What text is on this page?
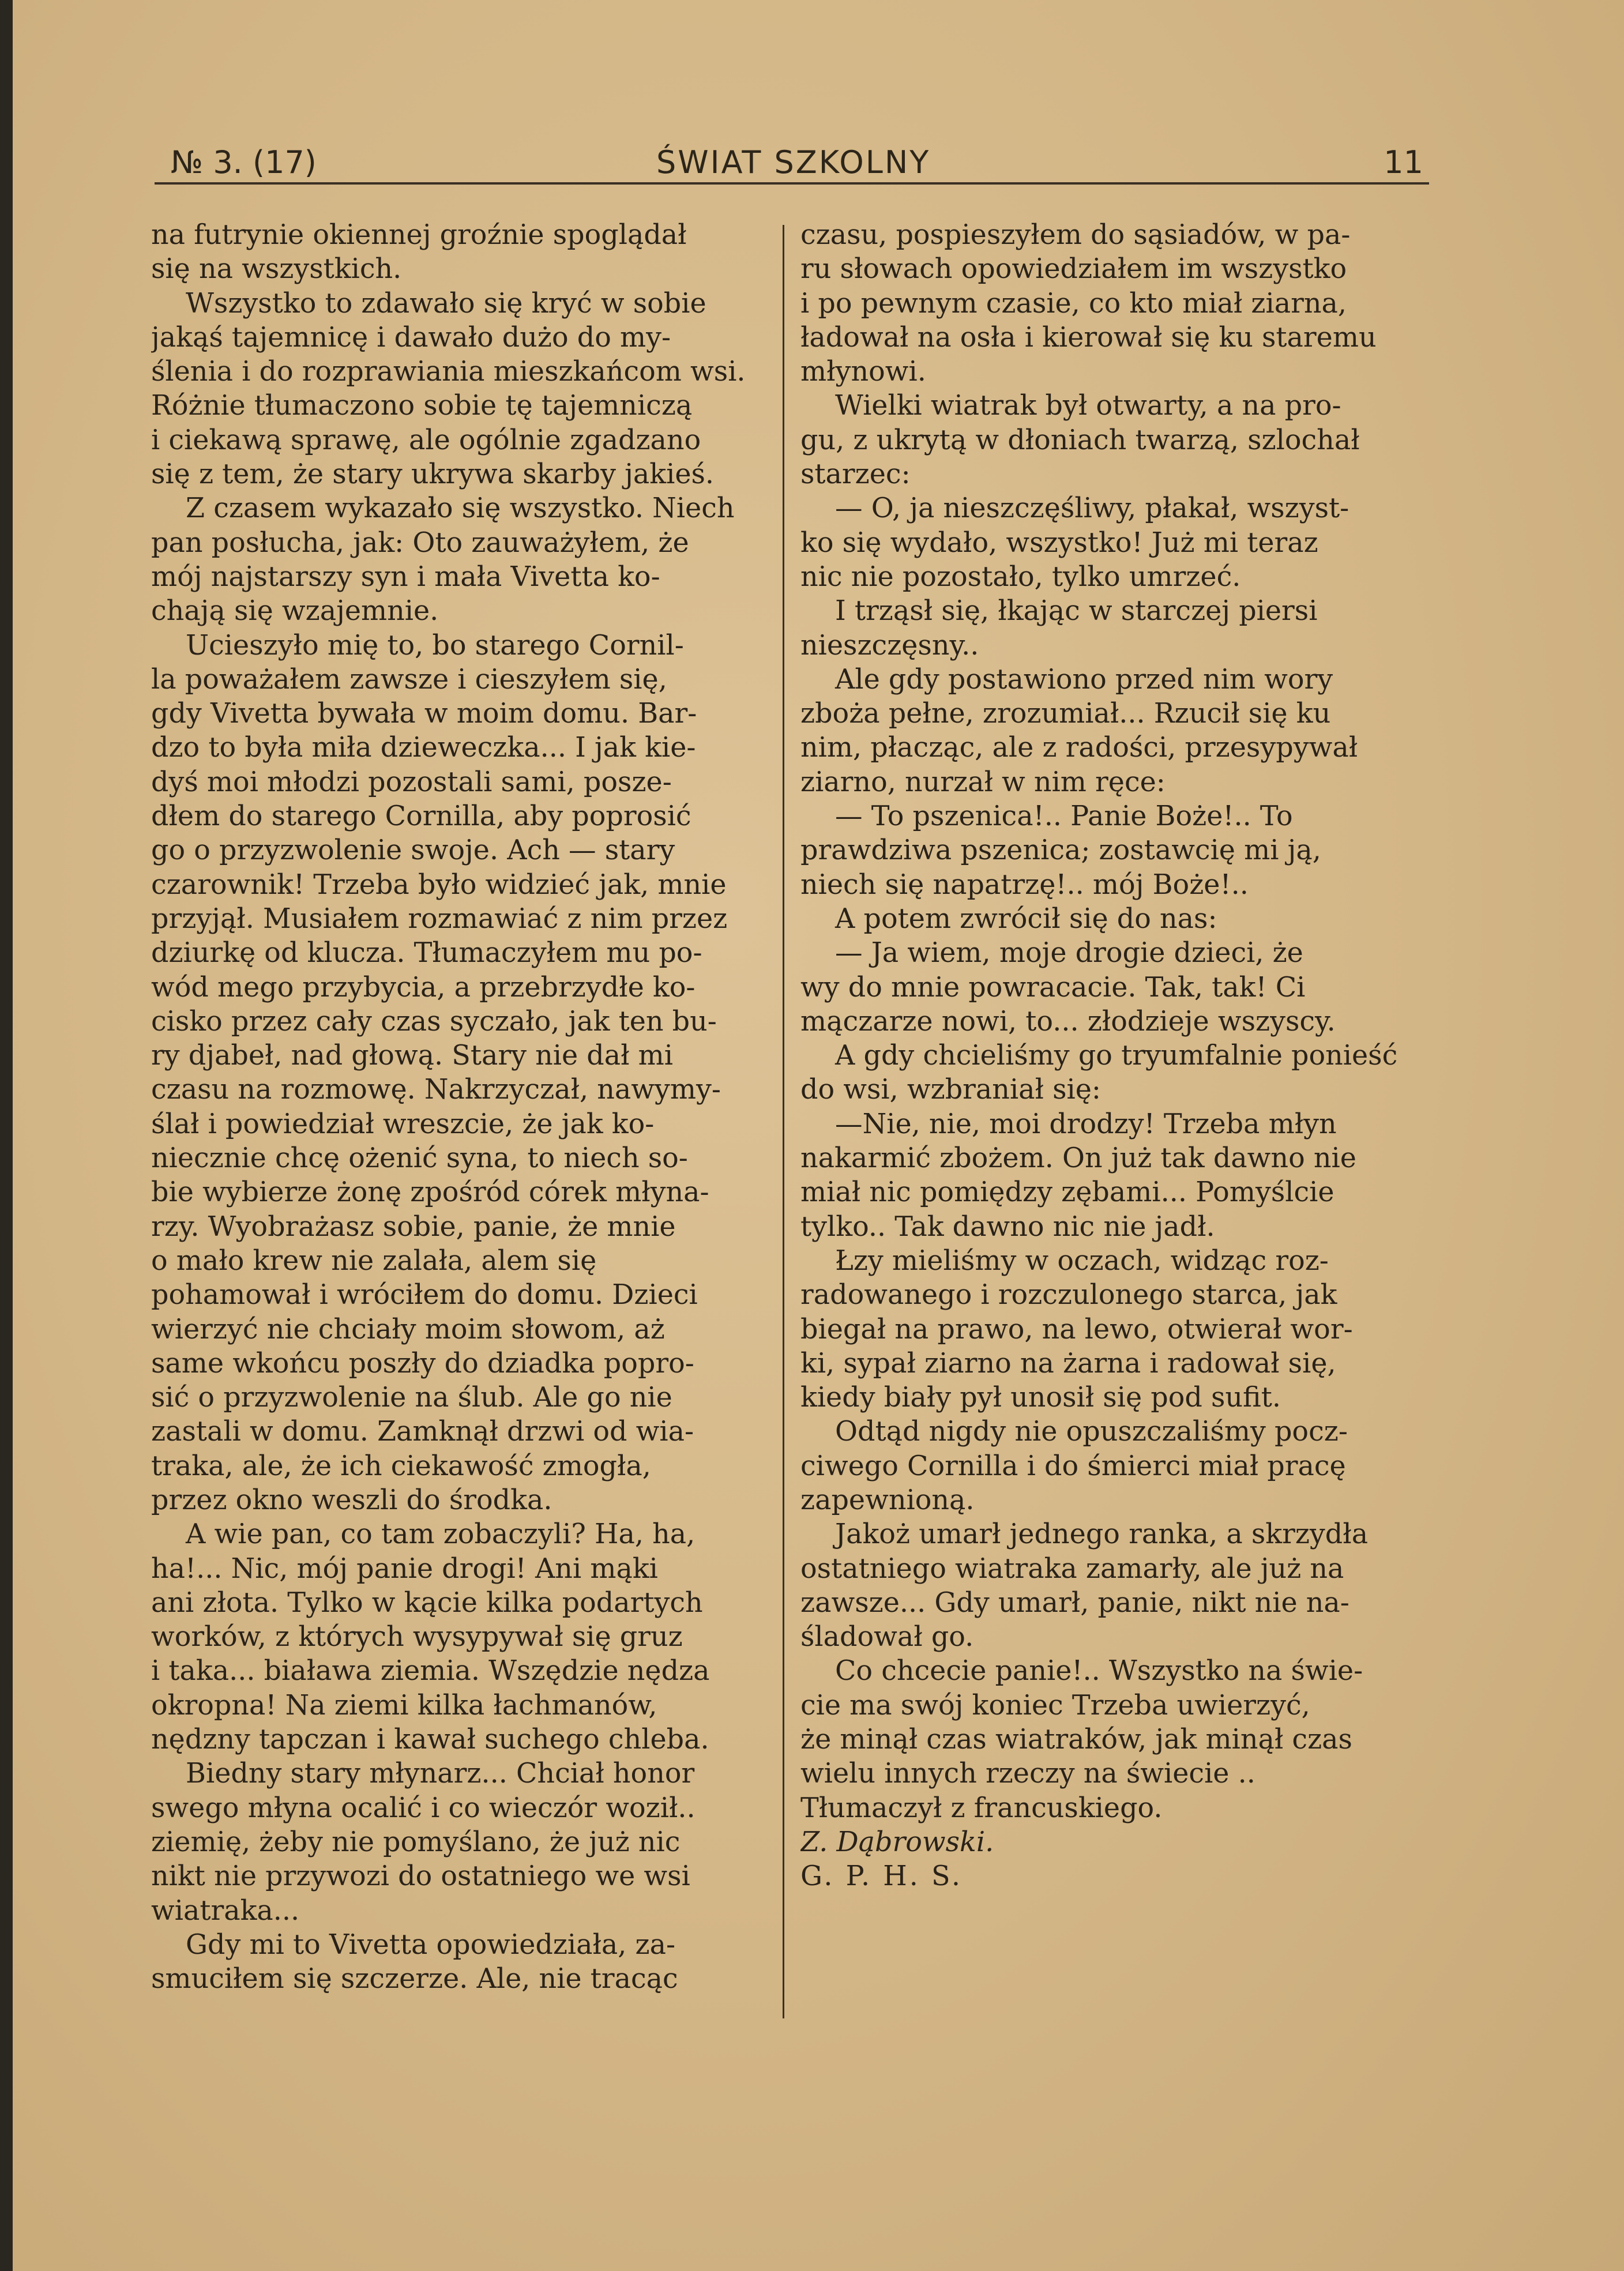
№ 3. (17)	ŚWIAT SZKOLNY	11

na futrynie okiennej groźnie spoglądał
się na wszystkich.

Wszystko to zdawało się kryć w sobie
jakąś tajemnicę i dawało dużo do my-
ślenia i do rozprawiania mieszkańcom wsi.
Różnie tłumaczono sobie tę tajemniczą
i ciekawą sprawę, ale ogólnie zgadzano
się z tem, że stary ukrywa skarby jakieś.

Z czasem wykazało się wszystko. Niech
pan posłucha, jak: Oto zauważyłem, że
mój najstarszy syn i mała Vivetta ko-
chają się wzajemnie.

Ucieszyło mię to, bo starego Cornil-
la poważałem zawsze i cieszyłem się,
gdy Vivetta bywała w moim domu. Bar-
dzo to była miła dzieweczka... I jak kie-
dyś moi młodzi pozostali sami, posze-
dłem do starego Cornilla, aby poprosić
go o przyzwolenie swoje. Ach — stary
czarownik! Trzeba było widzieć jak, mnie
przyjął. Musiałem rozmawiać z nim przez
dziurkę od klucza. Tłumaczyłem mu po-
wód mego przybycia, a przebrzydłe ko-
cisko przez cały czas syczało, jak ten bu-
ry djabeł, nad głową. Stary nie dał mi
czasu na rozmowę. Nakrzyczał, nawymy-
ślał i powiedział wreszcie, że jak ko-
niecznie chcę ożenić syna, to niech so-
bie wybierze żonę zpośród córek młyna-
rzy. Wyobrażasz sobie, panie, że mnie
o mało krew nie zalała, alem się
pohamował i wróciłem do domu. Dzieci
wierzyć nie chciały moim słowom, aż
same wkońcu poszły do dziadka popro-
sić o przyzwolenie na ślub. Ale go nie
zastali w domu. Zamknął drzwi od wia-
traka, ale, że ich ciekawość zmogła,
przez okno weszli do środka.

A wie pan, co tam zobaczyli? Ha, ha,
ha!... Nic, mój panie drogi! Ani mąki
ani złota. Tylko w kącie kilka podartych
worków, z których wysypywał się gruz
i taka... biaława ziemia. Wszędzie nędza
okropna! Na ziemi kilka łachmanów,
nędzny tapczan i kawał suchego chleba.

Biedny stary młynarz... Chciał honor
swego młyna ocalić i co wieczór woził..
ziemię, żeby nie pomyślano, że już nic
nikt nie przywozi do ostatniego we wsi
wiatraka...

Gdy mi to Vivetta opowiedziała, za-
smuciłem się szczerze. Ale, nie tracąc

czasu, pospieszyłem do sąsiadów, w pa-
ru słowach opowiedziałem im wszystko
i po pewnym czasie, co kto miał ziarna,
ładował na osła i kierował się ku staremu
młynowi.

Wielki wiatrak był otwarty, a na pro-
gu, z ukrytą w dłoniach twarzą, szlochał
starzec:

— O, ja nieszczęśliwy, płakał, wszyst-
ko się wydało, wszystko! Już mi teraz
nic nie pozostało, tylko umrzeć.

I trząsł się, łkając w starczej piersi
nieszczęsny..

Ale gdy postawiono przed nim wory
zboża pełne, zrozumiał... Rzucił się ku
nim, płacząc, ale z radości, przesypywał
ziarno, nurzał w nim ręce:

— To pszenica!.. Panie Boże!.. To
prawdziwa pszenica; zostawcię mi ją,
niech się napatrzę!.. mój Boże!..

A potem zwrócił się do nas:

— Ja wiem, moje drogie dzieci, że
wy do mnie powracacie. Tak, tak! Ci
mączarze nowi, to... złodzieje wszyscy.

A gdy chcieliśmy go tryumfalnie ponieść
do wsi, wzbraniał się:

—Nie, nie, moi drodzy! Trzeba młyn
nakarmić zbożem. On już tak dawno nie
miał nic pomiędzy zębami... Pomyślcie
tylko.. Tak dawno nic nie jadł.

Łzy mieliśmy w oczach, widząc roz-
radowanego i rozczulonego starca, jak
biegał na prawo, na lewo, otwierał wor-
ki, sypał ziarno na żarna i radował się,
kiedy biały pył unosił się pod sufit.

Odtąd nigdy nie opuszczaliśmy pocz-
ciwego Cornilla i do śmierci miał pracę
zapewnioną.

Jakoż umarł jednego ranka, a skrzydła
ostatniego wiatraka zamarły, ale już na
zawsze... Gdy umarł, panie, nikt nie na-
śladował go.

Co chcecie panie!.. Wszystko na świe-
cie ma swój koniec Trzeba uwierzyć,
że minął czas wiatraków, jak minął czas
wielu innych rzeczy na świecie ..

Tłumaczył z francuskiego.

Z. Dąbrowski.

G. P. H. S.
